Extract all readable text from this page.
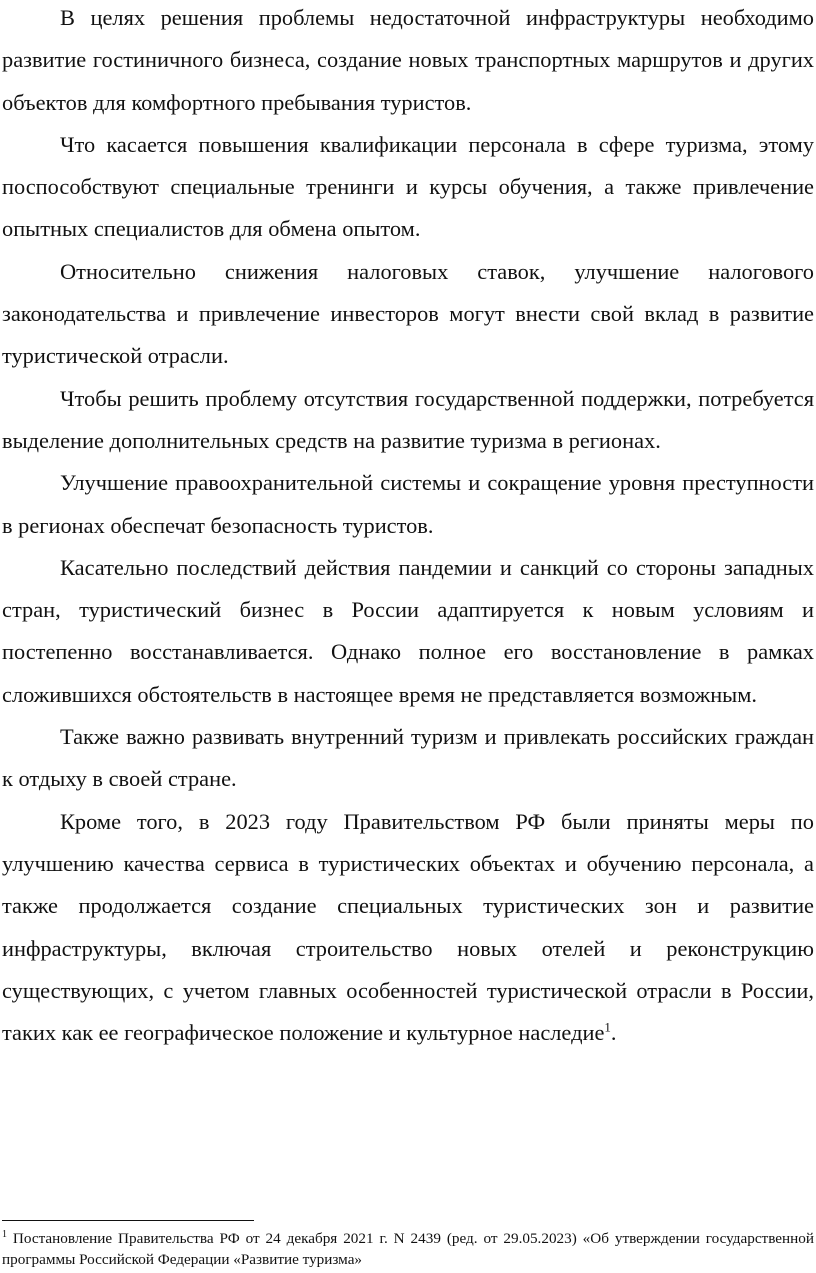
В целях решения проблемы недостаточной инфраструктуры необходимо развитие гостиничного бизнеса, создание новых транспортных маршрутов и других объектов для комфортного пребывания туристов.

Что касается повышения квалификации персонала в сфере туризма, этому поспособствуют специальные тренинги и курсы обучения, а также привлечение опытных специалистов для обмена опытом.

Относительно снижения налоговых ставок, улучшение налогового законодательства и привлечение инвесторов могут внести свой вклад в развитие туристической отрасли.

Чтобы решить проблему отсутствия государственной поддержки, потребуется выделение дополнительных средств на развитие туризма в регионах.

Улучшение правоохранительной системы и сокращение уровня преступности в регионах обеспечат безопасность туристов.

Касательно последствий действия пандемии и санкций со стороны западных стран, туристический бизнес в России адаптируется к новым условиям и постепенно восстанавливается. Однако полное его восстановление в рамках сложившихся обстоятельств в настоящее время не представляется возможным.

Также важно развивать внутренний туризм и привлекать российских граждан к отдыху в своей стране.

Кроме того, в 2023 году Правительством РФ были приняты меры по улучшению качества сервиса в туристических объектах и обучению персонала, а также продолжается создание специальных туристических зон и развитие инфраструктуры, включая строительство новых отелей и реконструкцию существующих, с учетом главных особенностей туристической отрасли в России, таких как ее географическое положение и культурное наследие$^1$.

$^1$ Постановление Правительства РФ от 24 декабря 2021 г. N 2439 (ред. от 29.05.2023) «Об утверждении государственной программы Российской Федерации «Развитие туризма»
